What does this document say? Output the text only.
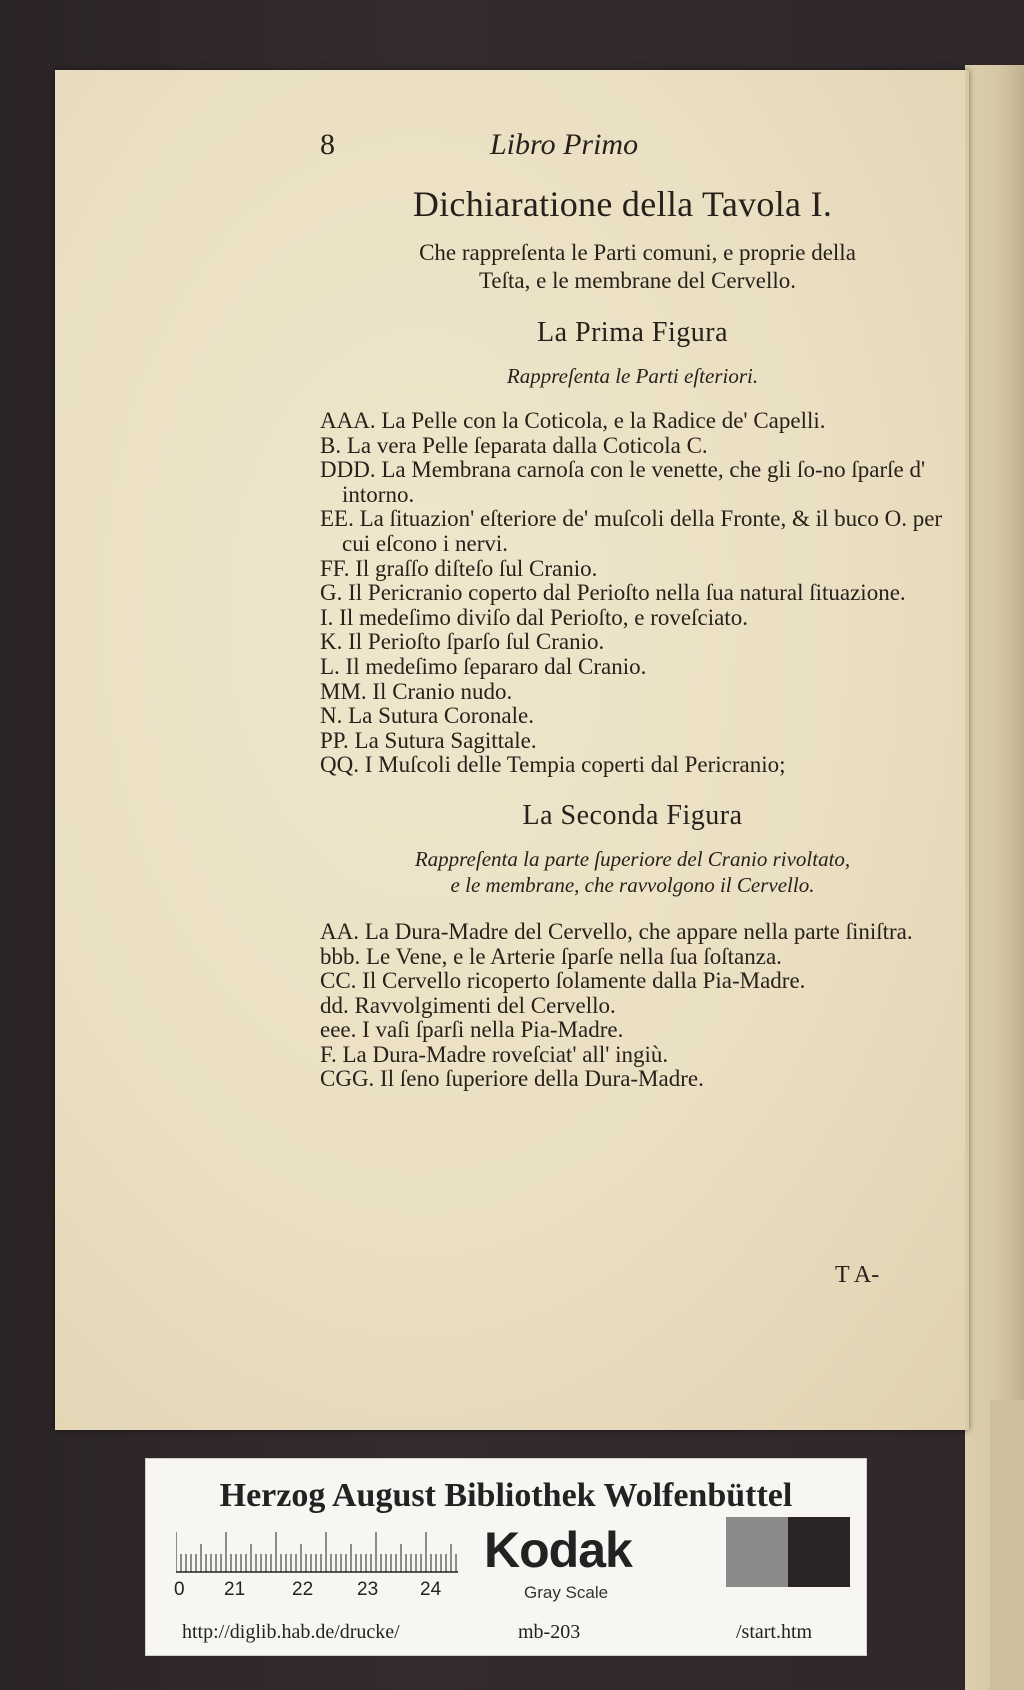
8	Libro Primo
Dichiaratione della Tavola I.
Che rappreſenta le Parti comuni, e proprie della
Teſta, e le membrane del Cervello.
La Prima Figura
Rappreſenta le Parti eſteriori.
AAA. La Pelle con la Coticola, e la Radice de' Capelli.
B. La vera Pelle ſeparata dalla Coticola C.
DDD. La Membrana carnoſa con le venette, che gli ſo-no ſparſe d' intorno.
EE. La ſituazion' eſteriore de' muſcoli della Fronte, & il buco O. per cui eſcono i nervi.
FF. Il graſſo diſteſo ſul Cranio.
G. Il Pericranio coperto dal Perioſto nella ſua natural ſituazione.
I. Il medeſimo diviſo dal Perioſto, e roveſciato.
K. Il Perioſto ſparſo ſul Cranio.
L. Il medeſimo ſepararo dal Cranio.
MM. Il Cranio nudo.
N. La Sutura Coronale.
PP. La Sutura Sagittale.
QQ. I Muſcoli delle Tempia coperti dal Pericranio;
La Seconda Figura
Rappreſenta la parte ſuperiore del Cranio rivoltato,
e le membrane, che ravvolgono il Cervello.
AA. La Dura-Madre del Cervello, che appare nella parte ſiniſtra.
bbb. Le Vene, e le Arterie ſparſe nella ſua ſoſtanza.
CC. Il Cervello ricoperto ſolamente dalla Pia-Madre.
dd. Ravvolgimenti del Cervello.
eee. I vaſi ſparſi nella Pia-Madre.
F. La Dura-Madre roveſciat' all' ingiù.
CGG. Il ſeno ſuperiore della Dura-Madre.
T A-
Herzog August Bibliothek Wolfenbüttel
0 21 22 23 24
Kodak
Gray Scale
http://diglib.hab.de/drucke/	mb-203	/start.htm
